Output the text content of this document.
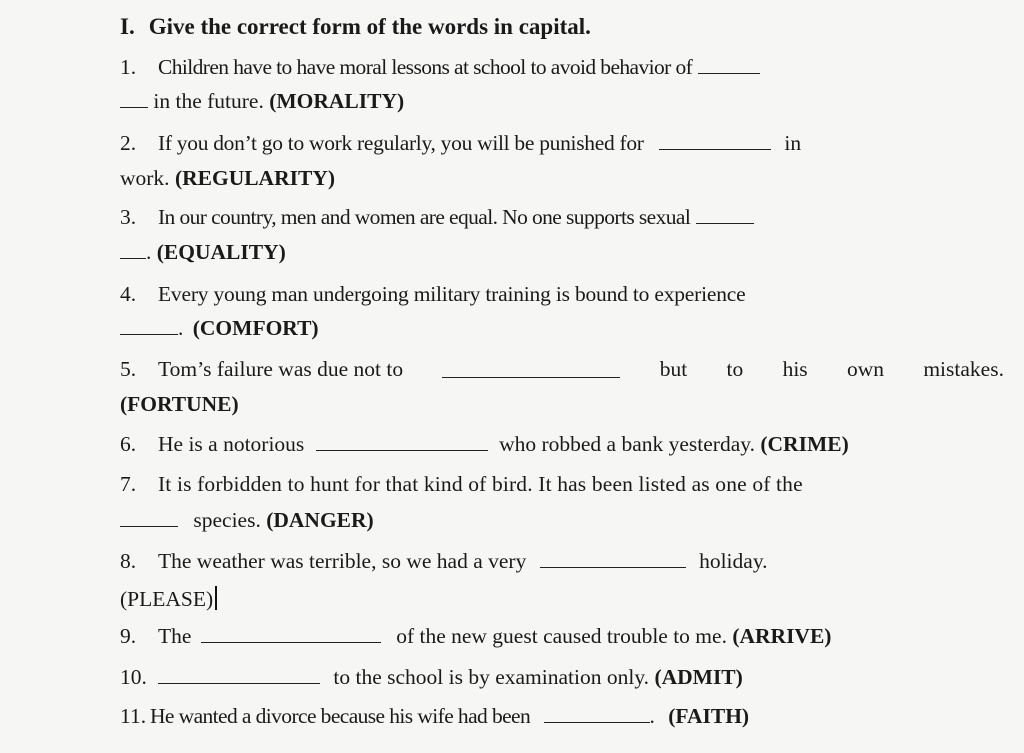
I. Give the correct form of the words in capital.
1. Children have to have moral lessons at school to avoid behavior of
in the future. (MORALITY)
2. If you don’t go to work regularly, you will be punished for	in
work. (REGULARITY)
3. In our country, men and women are equal. No one supports sexual
. (EQUALITY)
4. Every young man undergoing military training is bound to experience
. (COMFORT)
5. Tom’s failure was due not to	but to his own mistakes.
(FORTUNE)
6. He is a notorious	who robbed a bank yesterday. (CRIME)
7. It is forbidden to hunt for that kind of bird. It has been listed as one of the
species. (DANGER)
8. The weather was terrible, so we had a very	holiday.
(PLEASE)
9. The	of the new guest caused trouble to me. (ARRIVE)
10.	to the school is by examination only. (ADMIT)
11. He wanted a divorce because his wife had been	. (FAITH)
